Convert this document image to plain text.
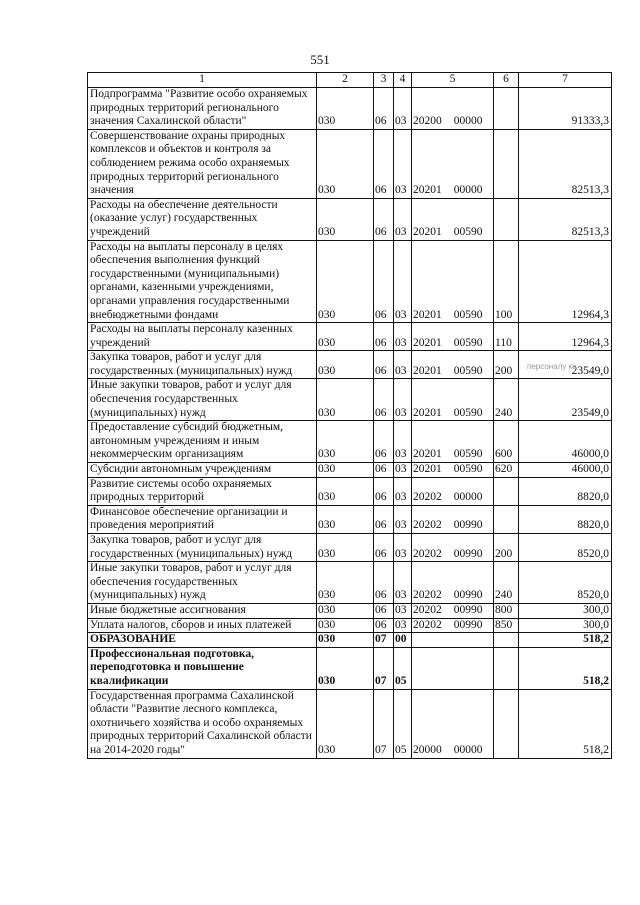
551
1	2	3	4	5	6	7
Подпрограмма "Развитие особо охраняемых природных территорий регионального значения Сахалинской области"	030	06	03	20200 00000		91333,3
Совершенствование охраны природных комплексов и объектов и контроля за соблюдением режима особо охраняемых природных территорий регионального значения	030	06	03	20201 00000		82513,3
Расходы на обеспечение деятельности (оказание услуг) государственных учреждений	030	06	03	20201 00590		82513,3
Расходы на выплаты персоналу в целях обеспечения выполнения функций государственными (муниципальными) органами, казенными учреждениями, органами управления государственными внебюджетными фондами	030	06	03	20201 00590	100	12964,3
Расходы на выплаты персоналу казенных учреждений	030	06	03	20201 00590	110	12964,3
Закупка товаров, работ и услуг для государственных (муниципальных) нужд	030	06	03	20201 00590	200	23549,0
Иные закупки товаров, работ и услуг для обеспечения государственных (муниципальных) нужд	030	06	03	20201 00590	240	23549,0
Предоставление субсидий бюджетным, автономным учреждениям и иным некоммерческим организациям	030	06	03	20201 00590	600	46000,0
Субсидии автономным учреждениям	030	06	03	20201 00590	620	46000,0
Развитие системы особо охраняемых природных территорий	030	06	03	20202 00000		8820,0
Финансовое обеспечение организации и проведения мероприятий	030	06	03	20202 00990		8820,0
Закупка товаров, работ и услуг для государственных (муниципальных) нужд	030	06	03	20202 00990	200	8520,0
Иные закупки товаров, работ и услуг для обеспечения государственных (муниципальных) нужд	030	06	03	20202 00990	240	8520,0
Иные бюджетные ассигнования	030	06	03	20202 00990	800	300,0
Уплата налогов, сборов и иных платежей	030	06	03	20202 00990	850	300,0
ОБРАЗОВАНИЕ	030	07	00			518,2
Профессиональная подготовка, переподготовка и повышение квалификации	030	07	05			518,2
Государственная программа Сахалинской области "Развитие лесного комплекса, охотничьего хозяйства и особо охраняемых природных территорий Сахалинской области на 2014-2020 годы"	030	07	05	20000 00000		518,2
персоналу ка
